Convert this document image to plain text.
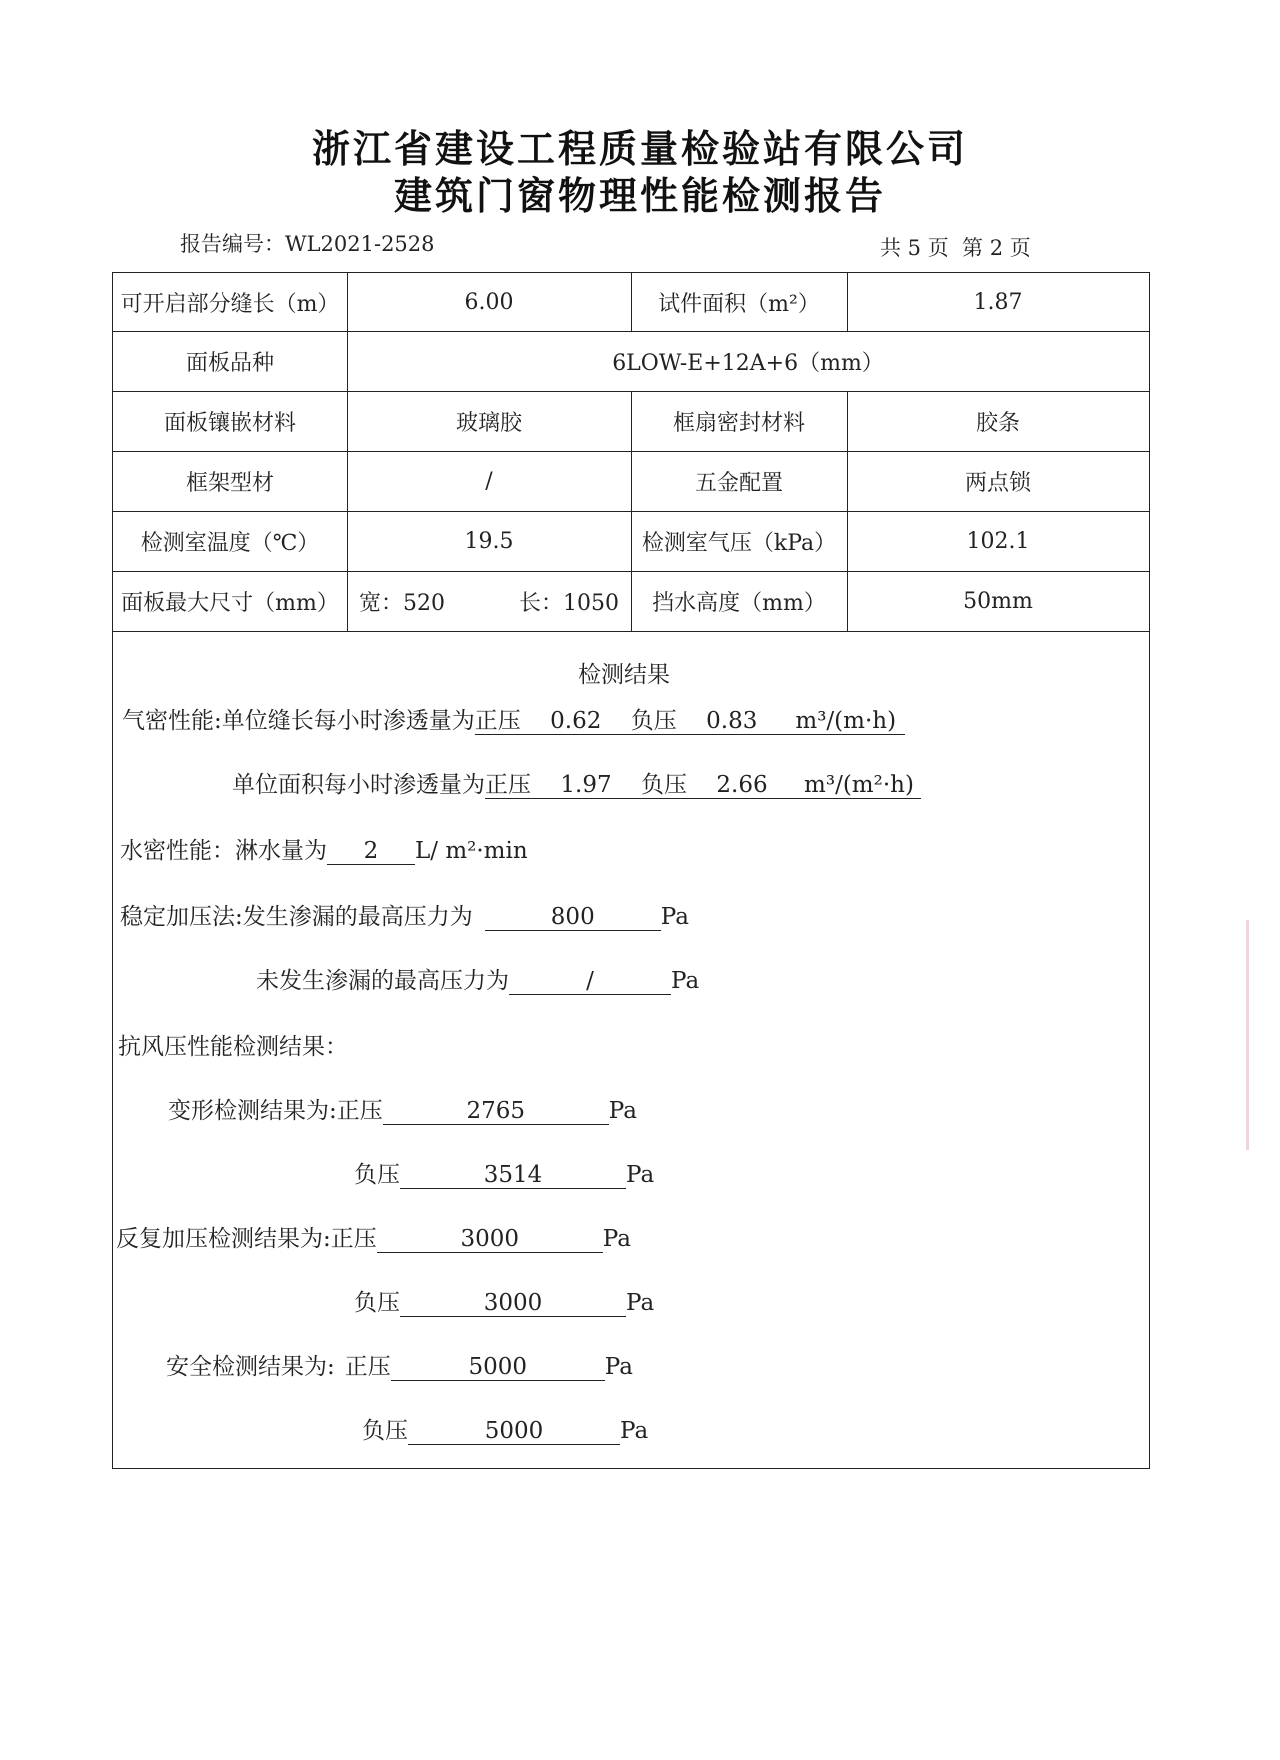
浙江省建设工程质量检验站有限公司
建筑门窗物理性能检测报告
报告编号：WL2021-2528	共 5 页  第 2 页
可开启部分缝长（m）	6.00	试件面积（m²）	1.87
面板品种	6LOW-E+12A+6（mm）
面板镶嵌材料	玻璃胶	框扇密封材料	胶条
框架型材	/	五金配置	两点锁
检测室温度（℃）	19.5	检测室气压（kPa）	102.1
面板最大尺寸（mm） 宽：520	长：1050	挡水高度（mm）	50mm
检测结果
气密性能:单位缝长每小时渗透量为正压 0.62 负压 0.83 m³/(m·h)
单位面积每小时渗透量为正压 1.97 负压 2.66 m³/(m²·h)
水密性能：淋水量为 2 L/ m²·min
稳定加压法:发生渗漏的最高压力为	800	Pa
未发生渗漏的最高压力为	/	Pa
抗风压性能检测结果：
变形检测结果为:正压	2765	Pa
负压	3514	Pa
反复加压检测结果为:正压	3000	Pa
负压	3000	Pa
安全检测结果为: 正压	5000	Pa
负压	5000	Pa
